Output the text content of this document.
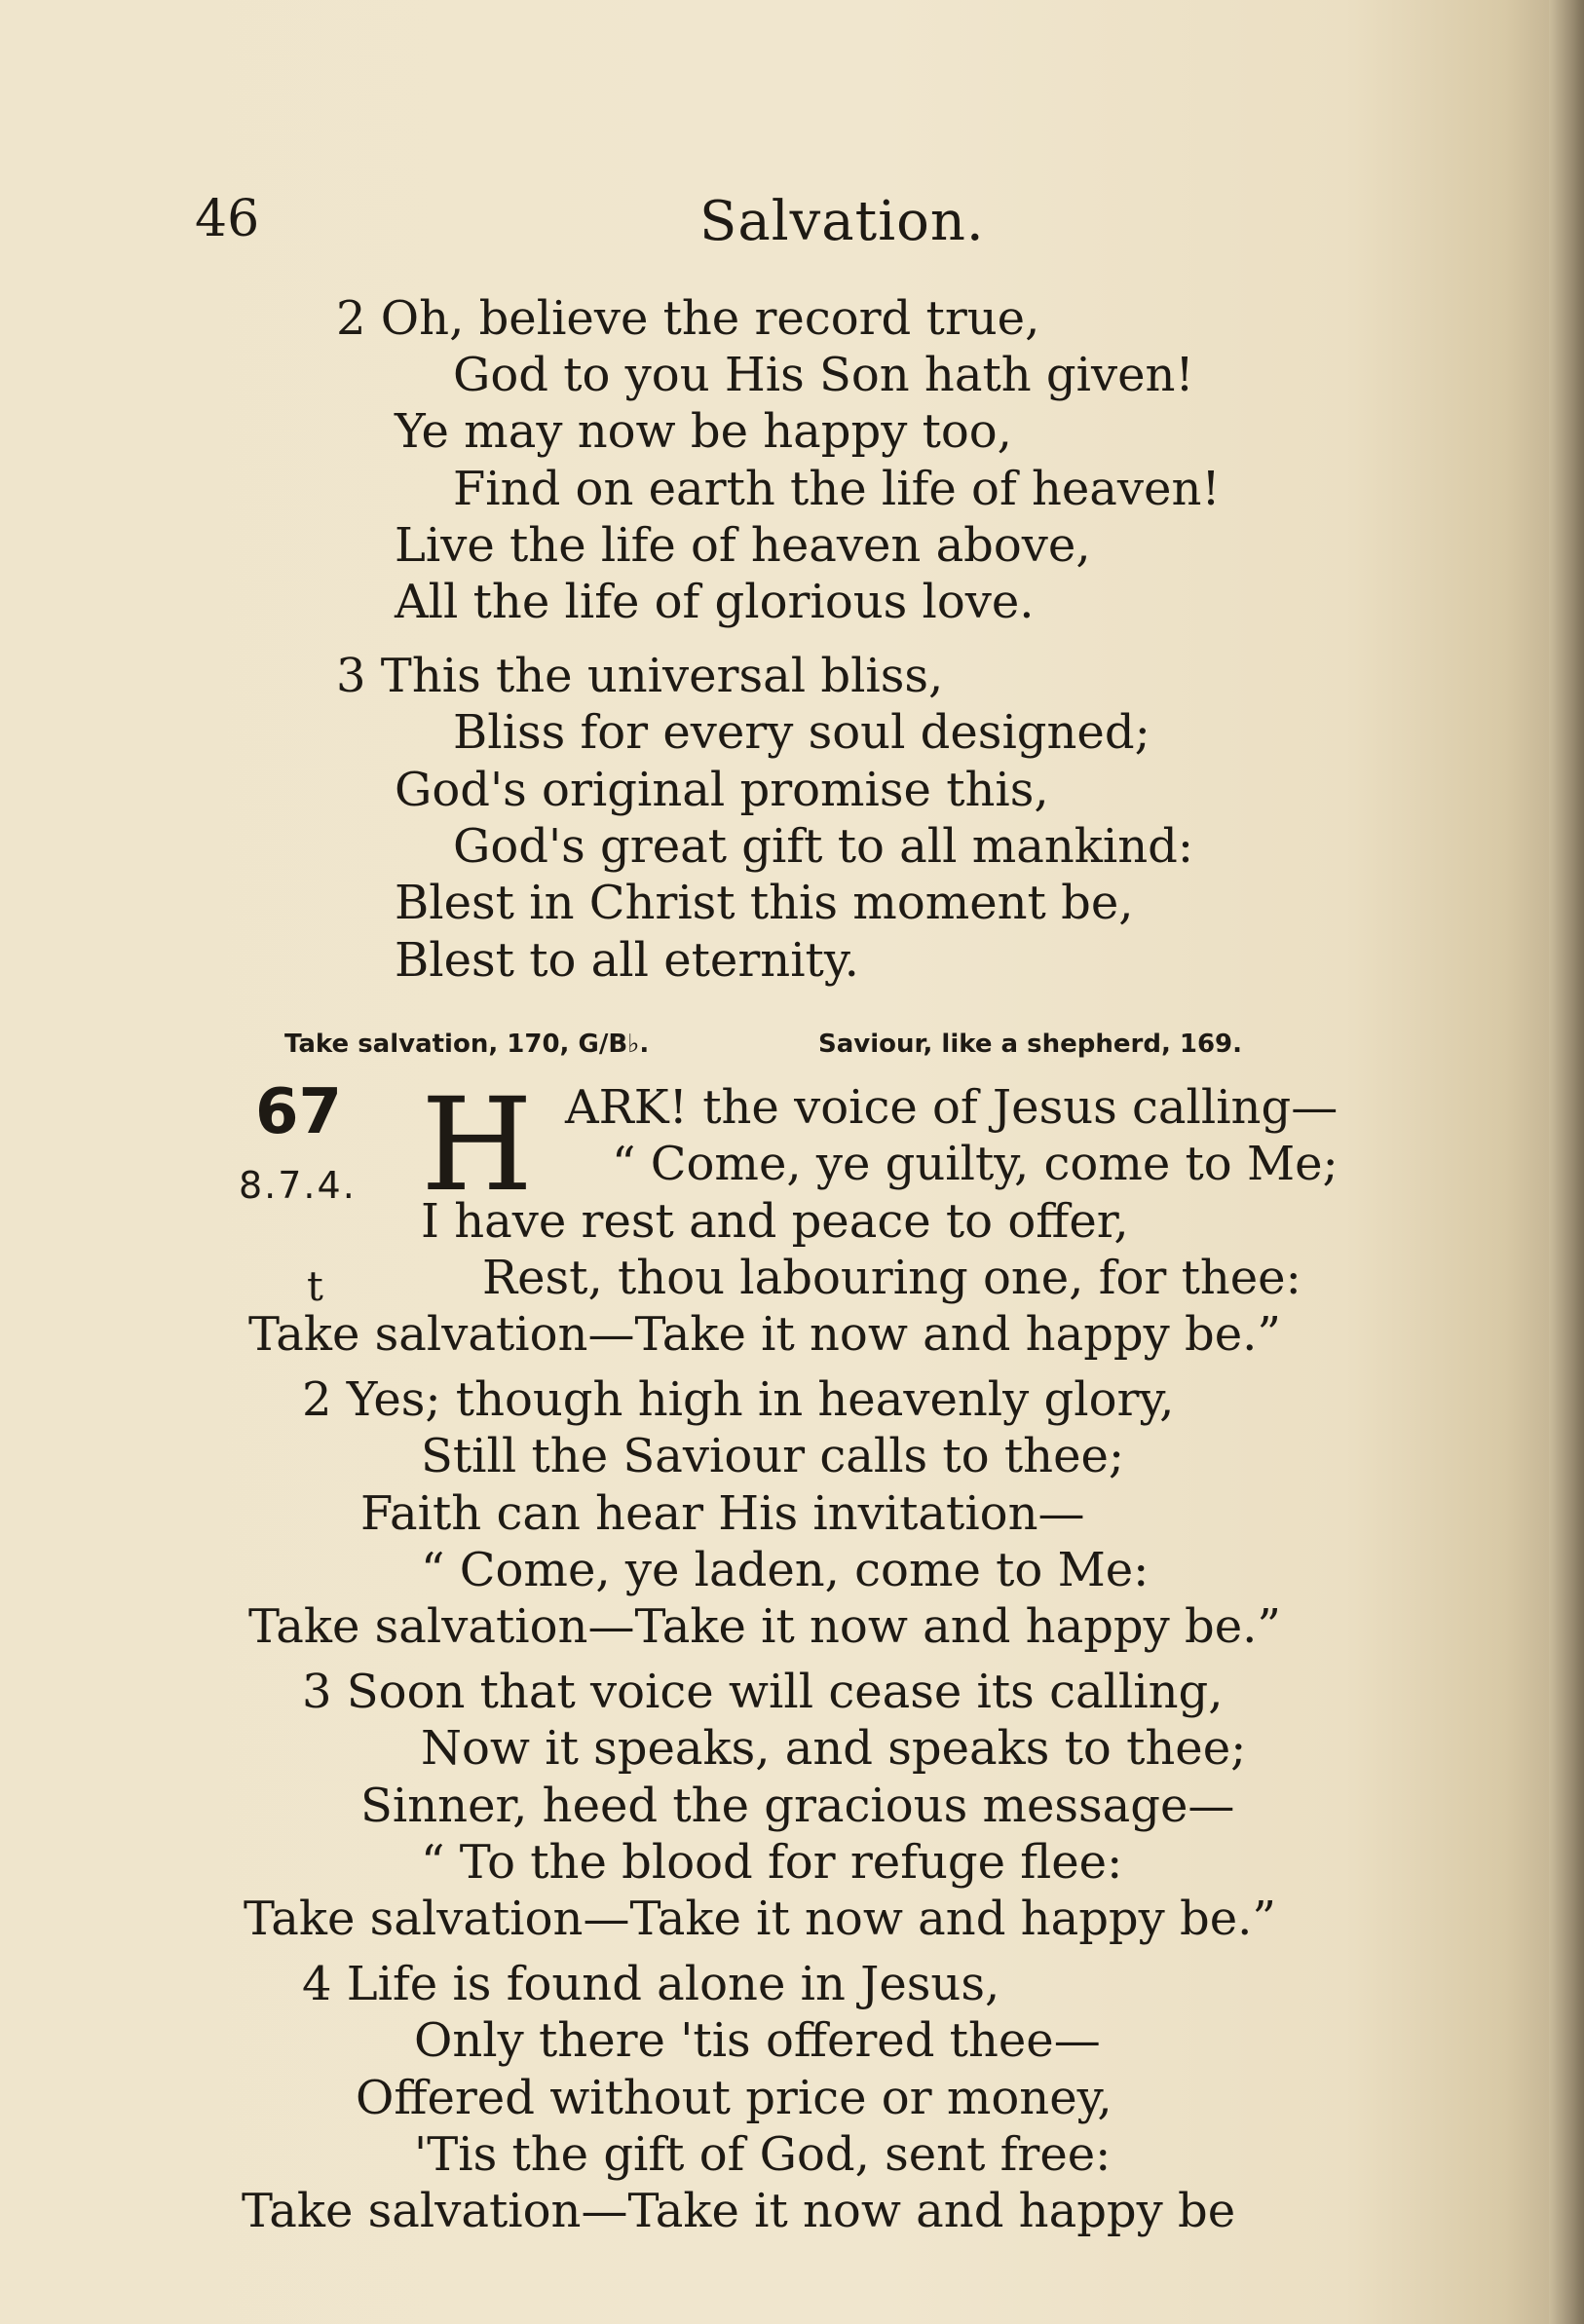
46	Salvation.
2 Oh, believe the record true,
God to you His Son hath given!
Ye may now be happy too,
Find on earth the life of heaven!
Live the life of heaven above,
All the life of glorious love.
3 This the universal bliss,
Bliss for every soul designed;
God's original promise this,
God's great gift to all mankind:
Blest in Christ this moment be,
Blest to all eternity.
Take salvation, 170, G/B♭.	Saviour, like a shepherd, 169.
67
8.7.4.
t
H ARK! the voice of Jesus calling—
“ Come, ye guilty, come to Me;
I have rest and peace to offer,
Rest, thou labouring one, for thee:
Take salvation—Take it now and happy be.”
2 Yes; though high in heavenly glory,
Still the Saviour calls to thee;
Faith can hear His invitation—
“ Come, ye laden, come to Me:
Take salvation—Take it now and happy be.”
3 Soon that voice will cease its calling,
Now it speaks, and speaks to thee;
Sinner, heed the gracious message—
“ To the blood for refuge flee:
Take salvation—Take it now and happy be.”
4 Life is found alone in Jesus,
Only there 'tis offered thee—
Offered without price or money,
'Tis the gift of God, sent free:
Take salvation—Take it now and happy be
